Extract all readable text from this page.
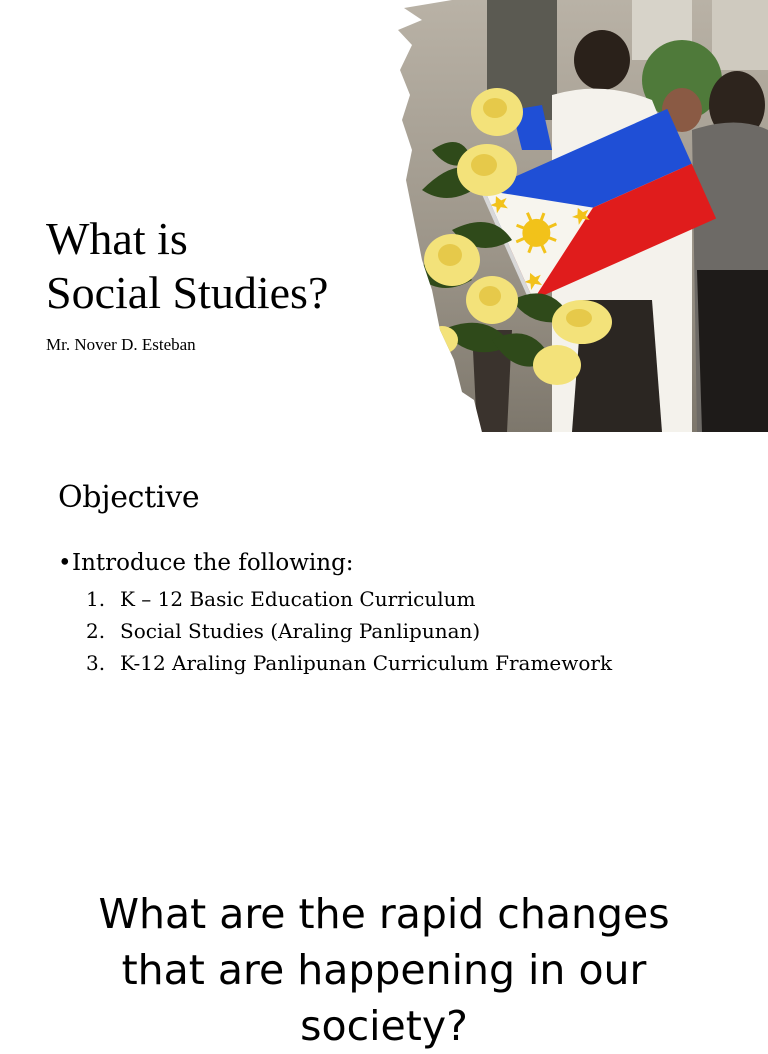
What is
Social Studies?
Mr. Nover D. Esteban
Objective
•Introduce the following:
1. K – 12 Basic Education Curriculum
2. Social Studies (Araling Panlipunan)
3. K-12 Araling Panlipunan Curriculum Framework
What are the rapid changes
that are happening in our
society?
